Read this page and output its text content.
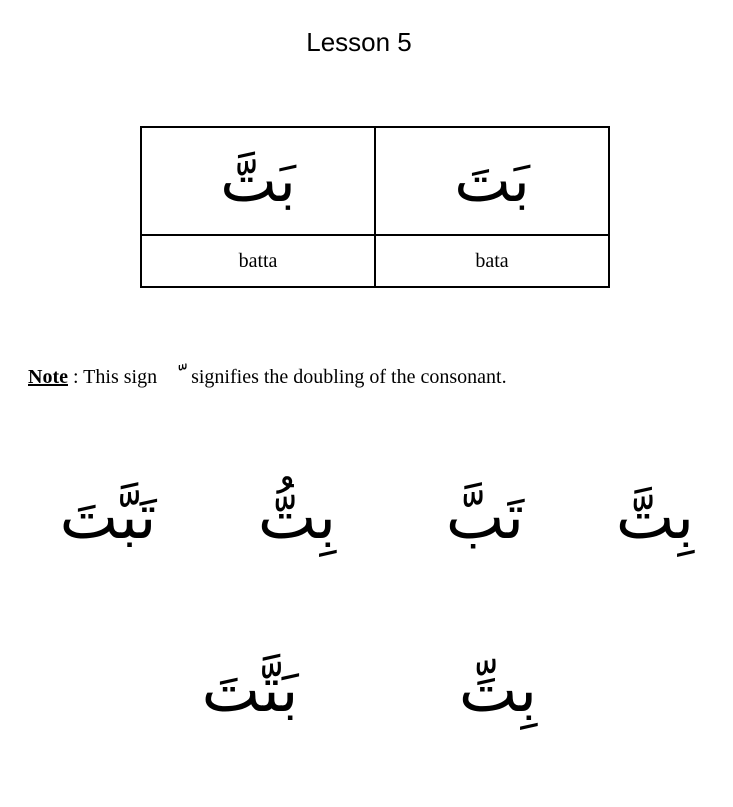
Lesson 5
بَتَّ	بَتَ
batta	bata
Note : This sign  signifies the doubling of the consonant.
بِتَّ
تَبَّ
بِتُّ
تَبَّتَ
بِتِّ
بَتَّتَ
